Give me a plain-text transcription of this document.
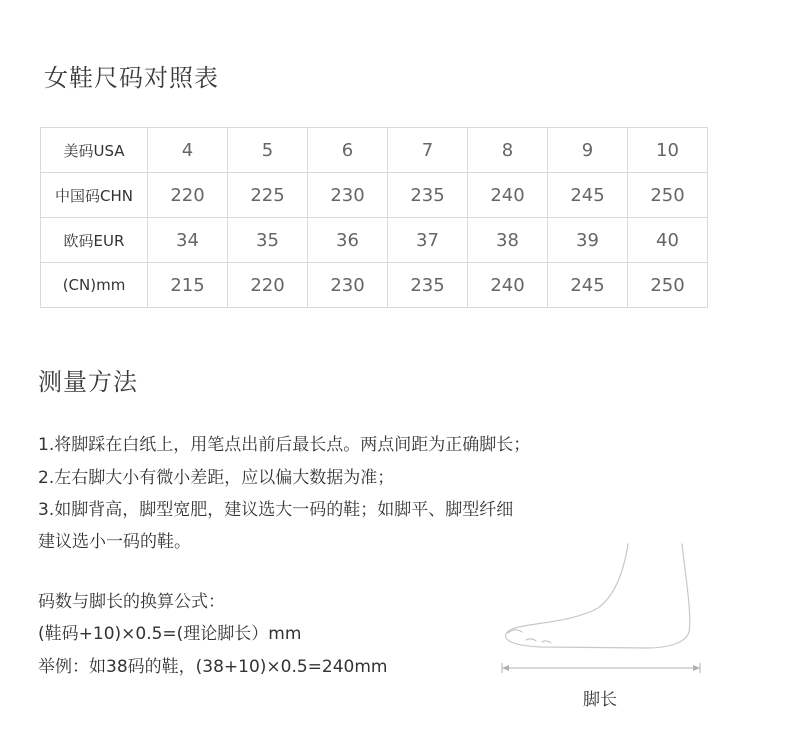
女鞋尺码对照表
美码USA	4	5	6	7	8	9	10
中国码CHN	220	225	230	235	240	245	250
欧码EUR	34	35	36	37	38	39	40
(CN)mm	215	220	230	235	240	245	250
测量方法
1.将脚踩在白纸上，用笔点出前后最长点。两点间距为正确脚长；
2.左右脚大小有微小差距，应以偏大数据为准；
3.如脚背高，脚型宽肥，建议选大一码的鞋；如脚平、脚型纤细
建议选小一码的鞋。
码数与脚长的换算公式：
(鞋码+10)×0.5=(理论脚长）mm
举例：如38码的鞋，(38+10)×0.5=240mm
脚长
